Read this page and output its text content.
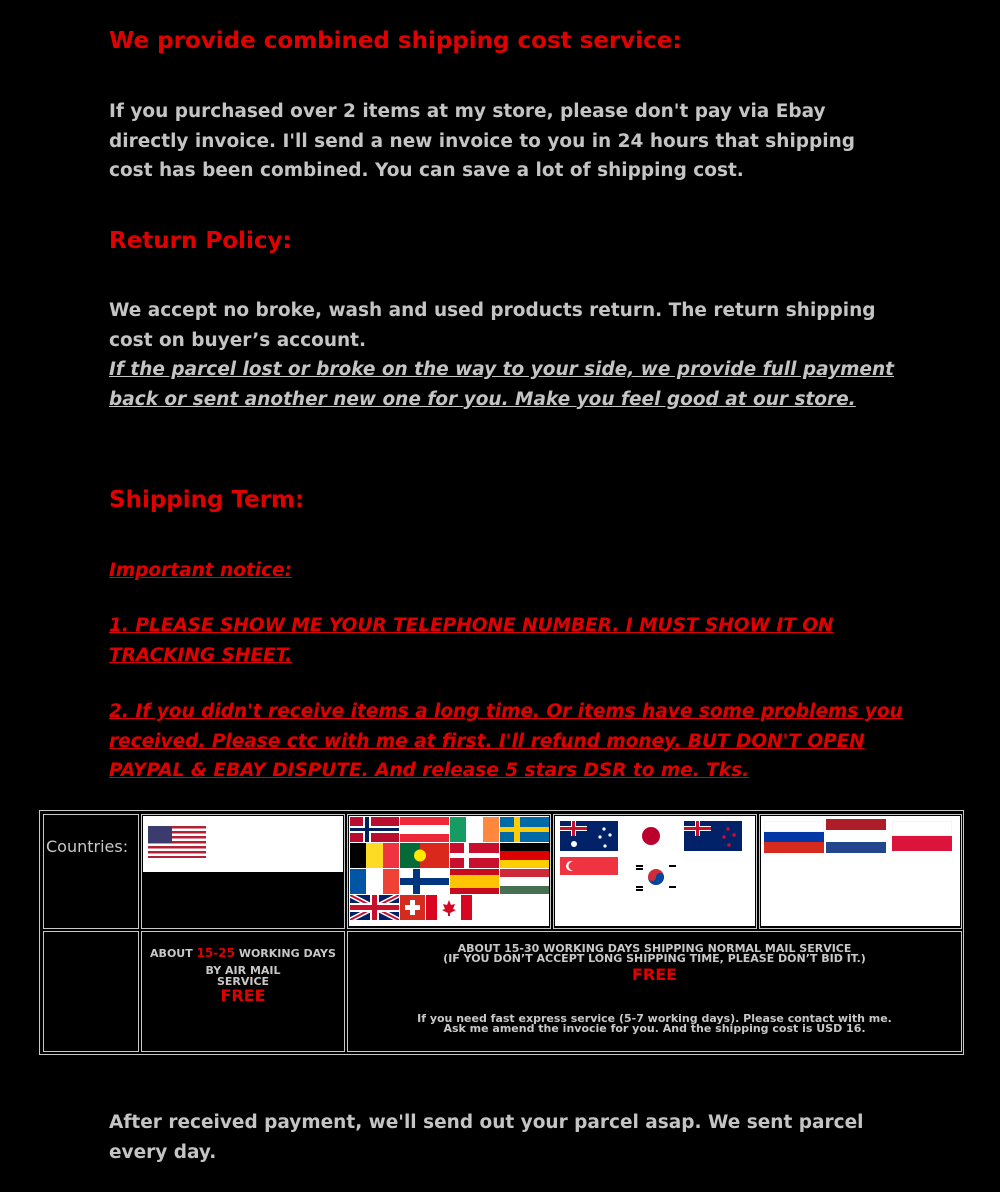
We provide combined shipping cost service:

If you purchased over 2 items at my store, please don't pay via Ebay directly invoice. I'll send a new invoice to you in 24 hours that shipping cost has been combined. You can save a lot of shipping cost.

Return Policy:

We accept no broke, wash and used products return. The return shipping cost on buyer’s account.

If the parcel lost or broke on the way to your side, we provide full payment back or sent another new one for you. Make you feel good at our store.

Shipping Term:

Important notice:

1. PLEASE SHOW ME YOUR TELEPHONE NUMBER. I MUST SHOW IT ON TRACKING SHEET.

2. If you didn't receive items a long time. Or items have some problems you received. Please ctc with me at first. I'll refund money. BUT DON'T OPEN PAYPAL & EBAY DISPUTE. And release 5 stars DSR to me. Tks.

After received payment, we'll send out your parcel asap. We sent parcel every day.

Countries:
ABOUT 15-25 WORKING DAYS
BY AIR MAIL
SERVICE
FREE
ABOUT 15-30 WORKING DAYS SHIPPING NORMAL MAIL SERVICE
(IF YOU DON’T ACCEPT LONG SHIPPING TIME, PLEASE DON’T BID IT.)
FREE
If you need fast express service (5-7 working days). Please contact with me.
Ask me amend the invocie for you. And the shipping cost is USD 16.
